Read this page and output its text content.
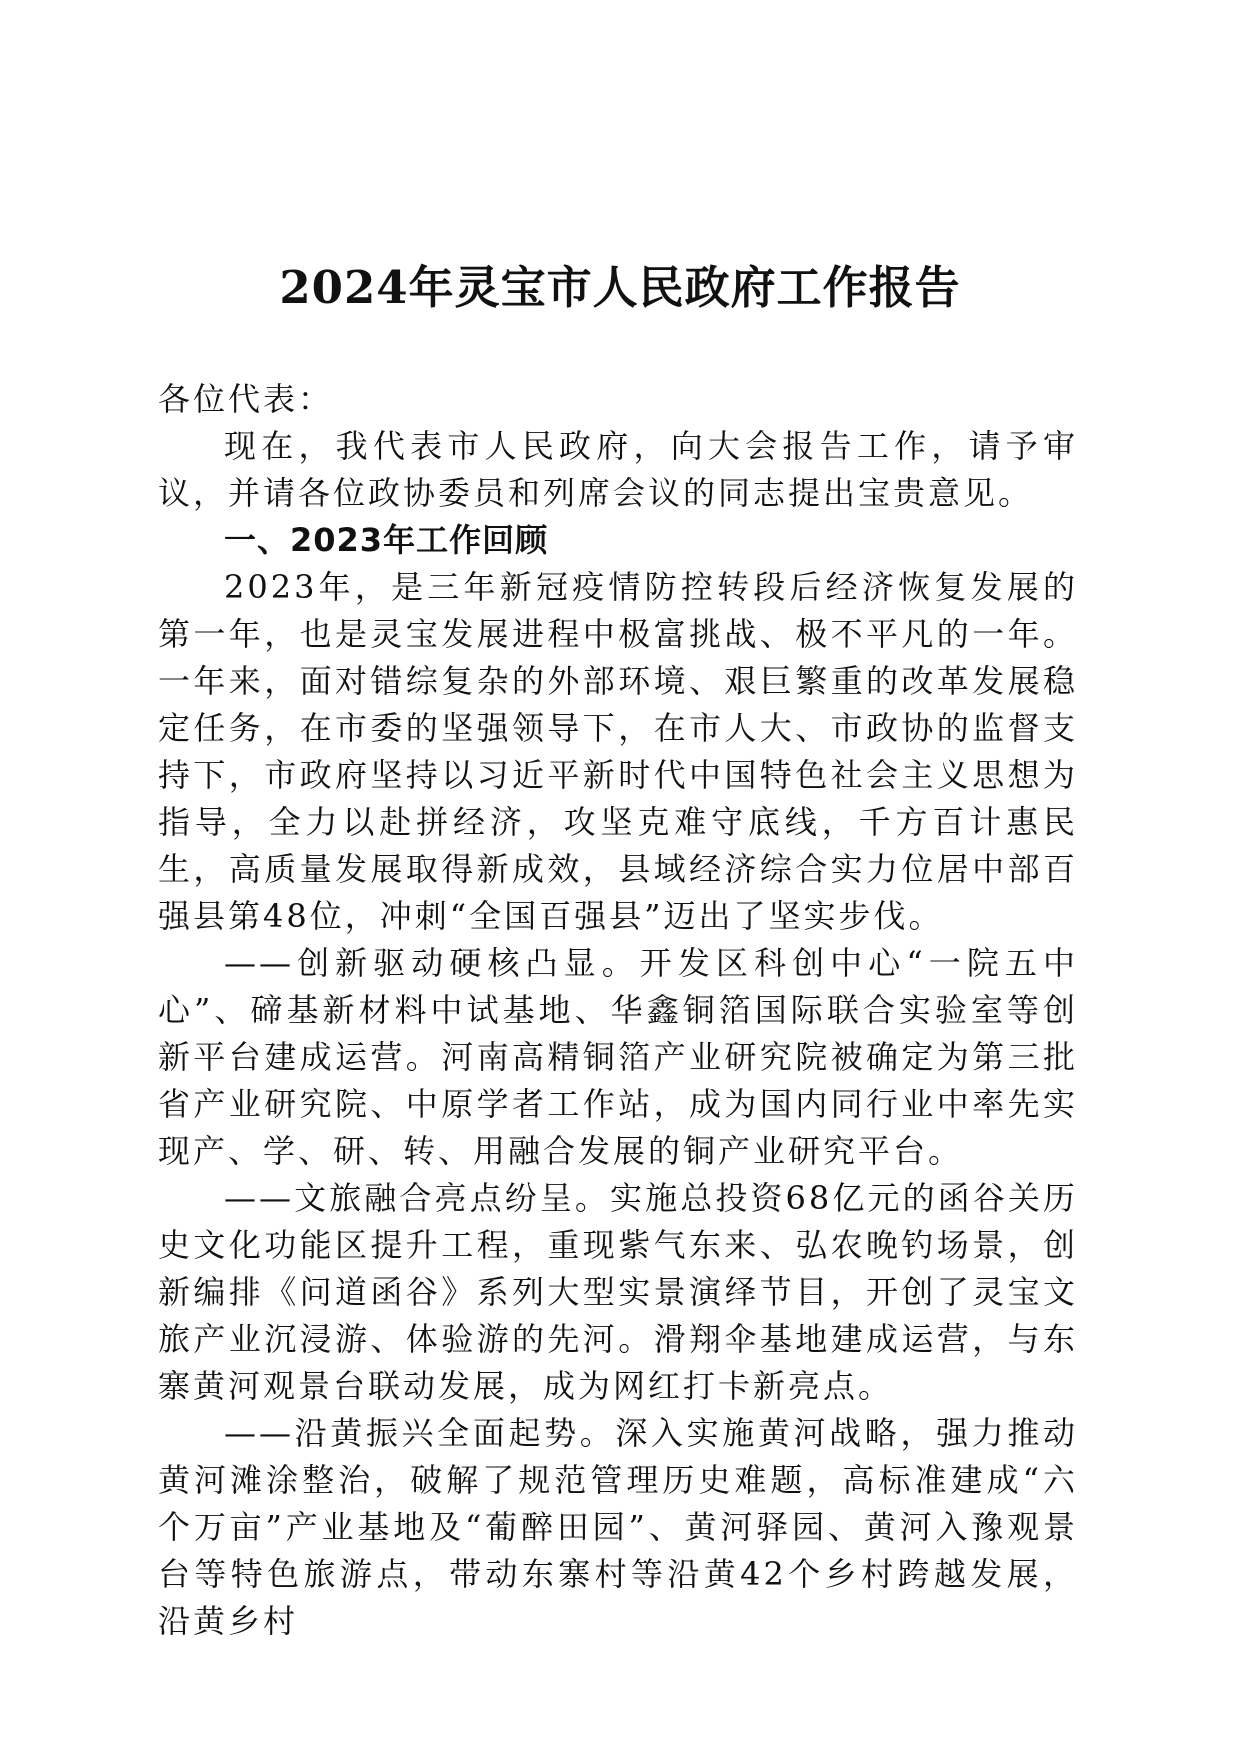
2024年灵宝市人民政府工作报告

各位代表：

现在，我代表市人民政府，向大会报告工作，请予审议，并请各位政协委员和列席会议的同志提出宝贵意见。

一、2023年工作回顾

2023年，是三年新冠疫情防控转段后经济恢复发展的第一年，也是灵宝发展进程中极富挑战、极不平凡的一年。一年来，面对错综复杂的外部环境、艰巨繁重的改革发展稳定任务，在市委的坚强领导下，在市人大、市政协的监督支持下，市政府坚持以习近平新时代中国特色社会主义思想为指导，全力以赴拼经济，攻坚克难守底线，千方百计惠民生，高质量发展取得新成效，县域经济综合实力位居中部百强县第48位，冲刺“全国百强县”迈出了坚实步伐。

——创新驱动硬核凸显。开发区科创中心“一院五中心”、碲基新材料中试基地、华鑫铜箔国际联合实验室等创新平台建成运营。河南高精铜箔产业研究院被确定为第三批省产业研究院、中原学者工作站，成为国内同行业中率先实现产、学、研、转、用融合发展的铜产业研究平台。

——文旅融合亮点纷呈。实施总投资68亿元的函谷关历史文化功能区提升工程，重现紫气东来、弘农晚钓场景，创新编排《问道函谷》系列大型实景演绎节目，开创了灵宝文旅产业沉浸游、体验游的先河。滑翔伞基地建成运营，与东寨黄河观景台联动发展，成为网红打卡新亮点。

——沿黄振兴全面起势。深入实施黄河战略，强力推动黄河滩涂整治，破解了规范管理历史难题，高标准建成“六个万亩”产业基地及“葡醉田园”、黄河驿园、黄河入豫观景台等特色旅游点，带动东寨村等沿黄42个乡村跨越发展，沿黄乡村
